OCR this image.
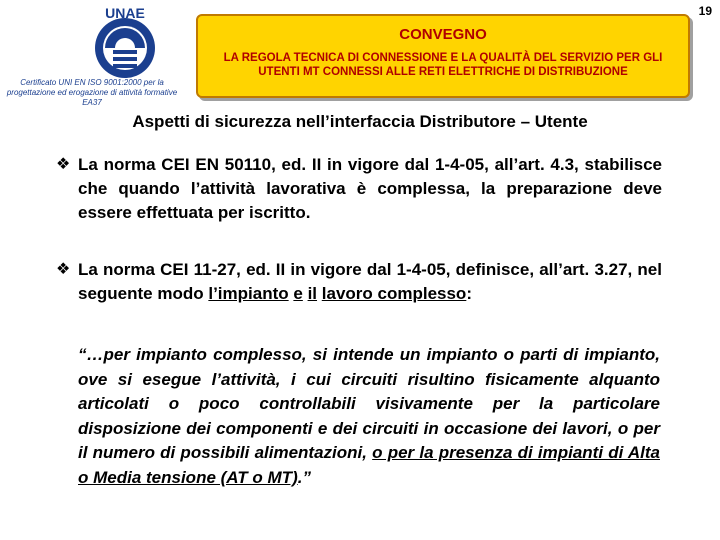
19
UNAE
Certificato UNI EN ISO 9001:2000 per la progettazione ed erogazione di attività formative EA37
CONVEGNO
LA REGOLA TECNICA DI CONNESSIONE E LA QUALITÀ DEL SERVIZIO PER GLI UTENTI MT CONNESSI ALLE RETI ELETTRICHE DI DISTRIBUZIONE
Aspetti di sicurezza nell’interfaccia Distributore – Utente
❖ La norma CEI EN 50110, ed. II in vigore dal 1-4-05, all’art. 4.3, stabilisce che quando l’attività lavorativa è complessa, la preparazione deve essere effettuata per iscritto.
❖ La norma CEI 11-27, ed. II in vigore dal 1-4-05, definisce, all’art. 3.27, nel seguente modo l’impianto e il lavoro complesso:
“…per impianto complesso, si intende un impianto o parti di impianto, ove si esegue l’attività, i cui circuiti risultino fisicamente alquanto articolati o poco controllabili visivamente per la particolare disposizione dei componenti e dei circuiti in occasione dei lavori, o per il numero di possibili alimentazioni, o per la presenza di impianti di Alta o Media tensione (AT o MT).”
